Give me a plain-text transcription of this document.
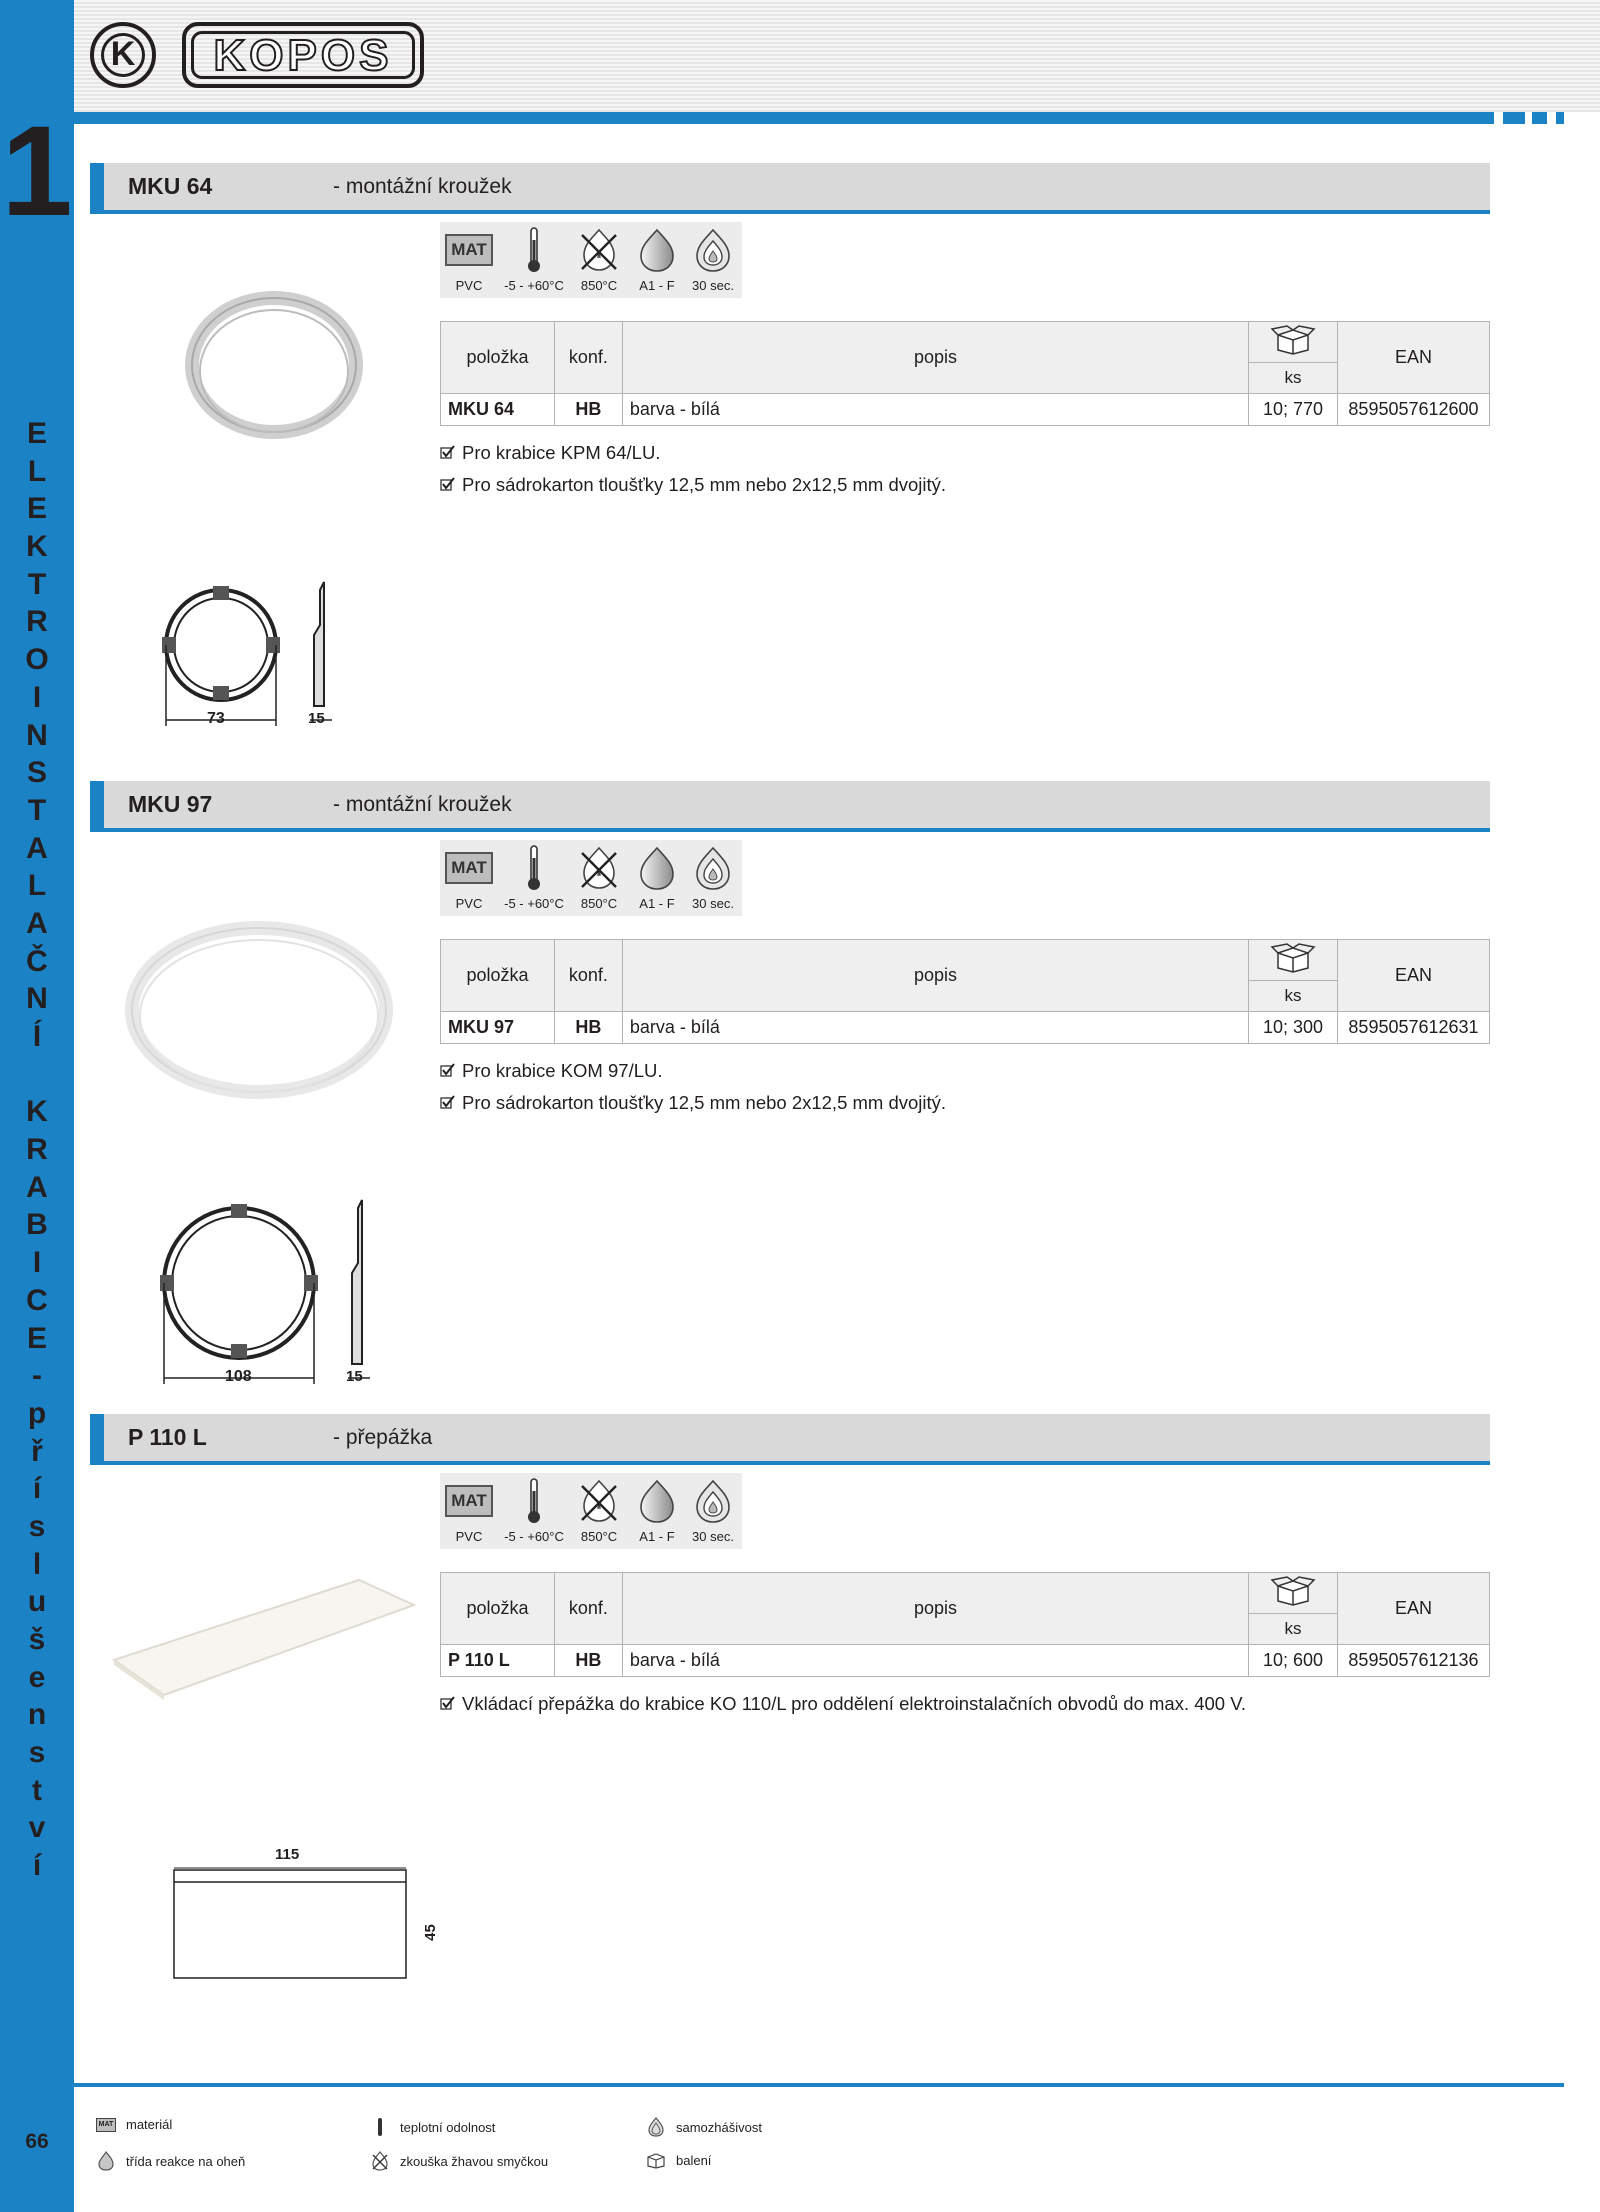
1
E
L
E
K
T
R
O
I
N
S
T
A
L
A
Č
N
Í
K
R
A
B
I
C
E
-
p
ř
í
s
l
u
š
e
n
s
t
v
í
66
K	KOPOS
MKU 64	- montážní kroužek
MAT
PVC	-5 - +60°C	850°C	A1 - F	30 sec.
položka	konf.	popis		EAN
			ks	
MKU 64	HB	barva - bílá	10; 770	8595057612600
Pro krabice KPM 64/LU.
Pro sádrokarton tloušťky 12,5 mm nebo 2x12,5 mm dvojitý.
73	15
MKU 97	- montážní kroužek
MAT
PVC	-5 - +60°C	850°C	A1 - F	30 sec.
položka	konf.	popis		EAN
			ks	
MKU 97	HB	barva - bílá	10; 300	8595057612631
Pro krabice KOM 97/LU.
Pro sádrokarton tloušťky 12,5 mm nebo 2x12,5 mm dvojitý.
108	15
P 110 L	- přepážka
MAT
PVC	-5 - +60°C	850°C	A1 - F	30 sec.
položka	konf.	popis		EAN
			ks	
P 110 L	HB	barva - bílá	10; 600	8595057612136
Vkládací přepážka do krabice KO 110/L pro oddělení elektroinstalačních obvodů do max. 400 V.
115
45
MAT materiál
třída reakce na oheň
teplotní odolnost
zkouška žhavou smyčkou
samozhášivost
balení
